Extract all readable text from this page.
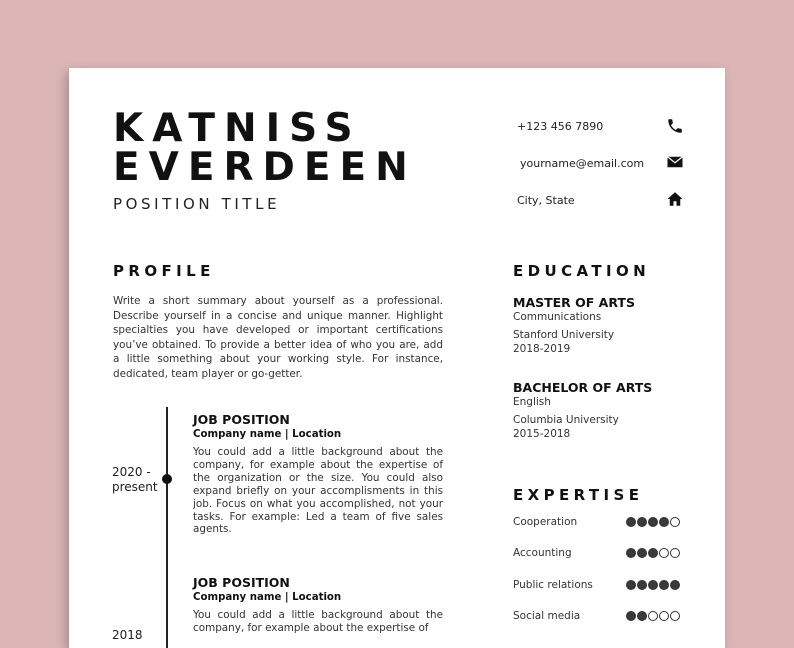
KATNISS
EVERDEEN
POSITION TITLE
+123 456 7890
yourname@email.com
City, State
PROFILE
Write a short summary about yourself as a professional. Describe yourself in a concise and unique manner. Highlight specialties you have developed or important certifications you’ve obtained. To provide a better idea of who you are, add a little something about your working style. For instance, dedicated, team player or go-getter.
2020 -
present
JOB POSITION
Company name | Location
You could add a little background about the company, for example about the expertise of the organization or the size. You could also expand briefly on your accomplisments in this job. Focus on what you accomplished, not your tasks. For example: Led a team of five sales agents.
2018
JOB POSITION
Company name | Location
You could add a little background about the company, for example about the expertise of
EDUCATION
MASTER OF ARTS
Communications
Stanford University
2018-2019
BACHELOR OF ARTS
English
Columbia University
2015-2018
EXPERTISE
Cooperation
Accounting
Public relations
Social media
